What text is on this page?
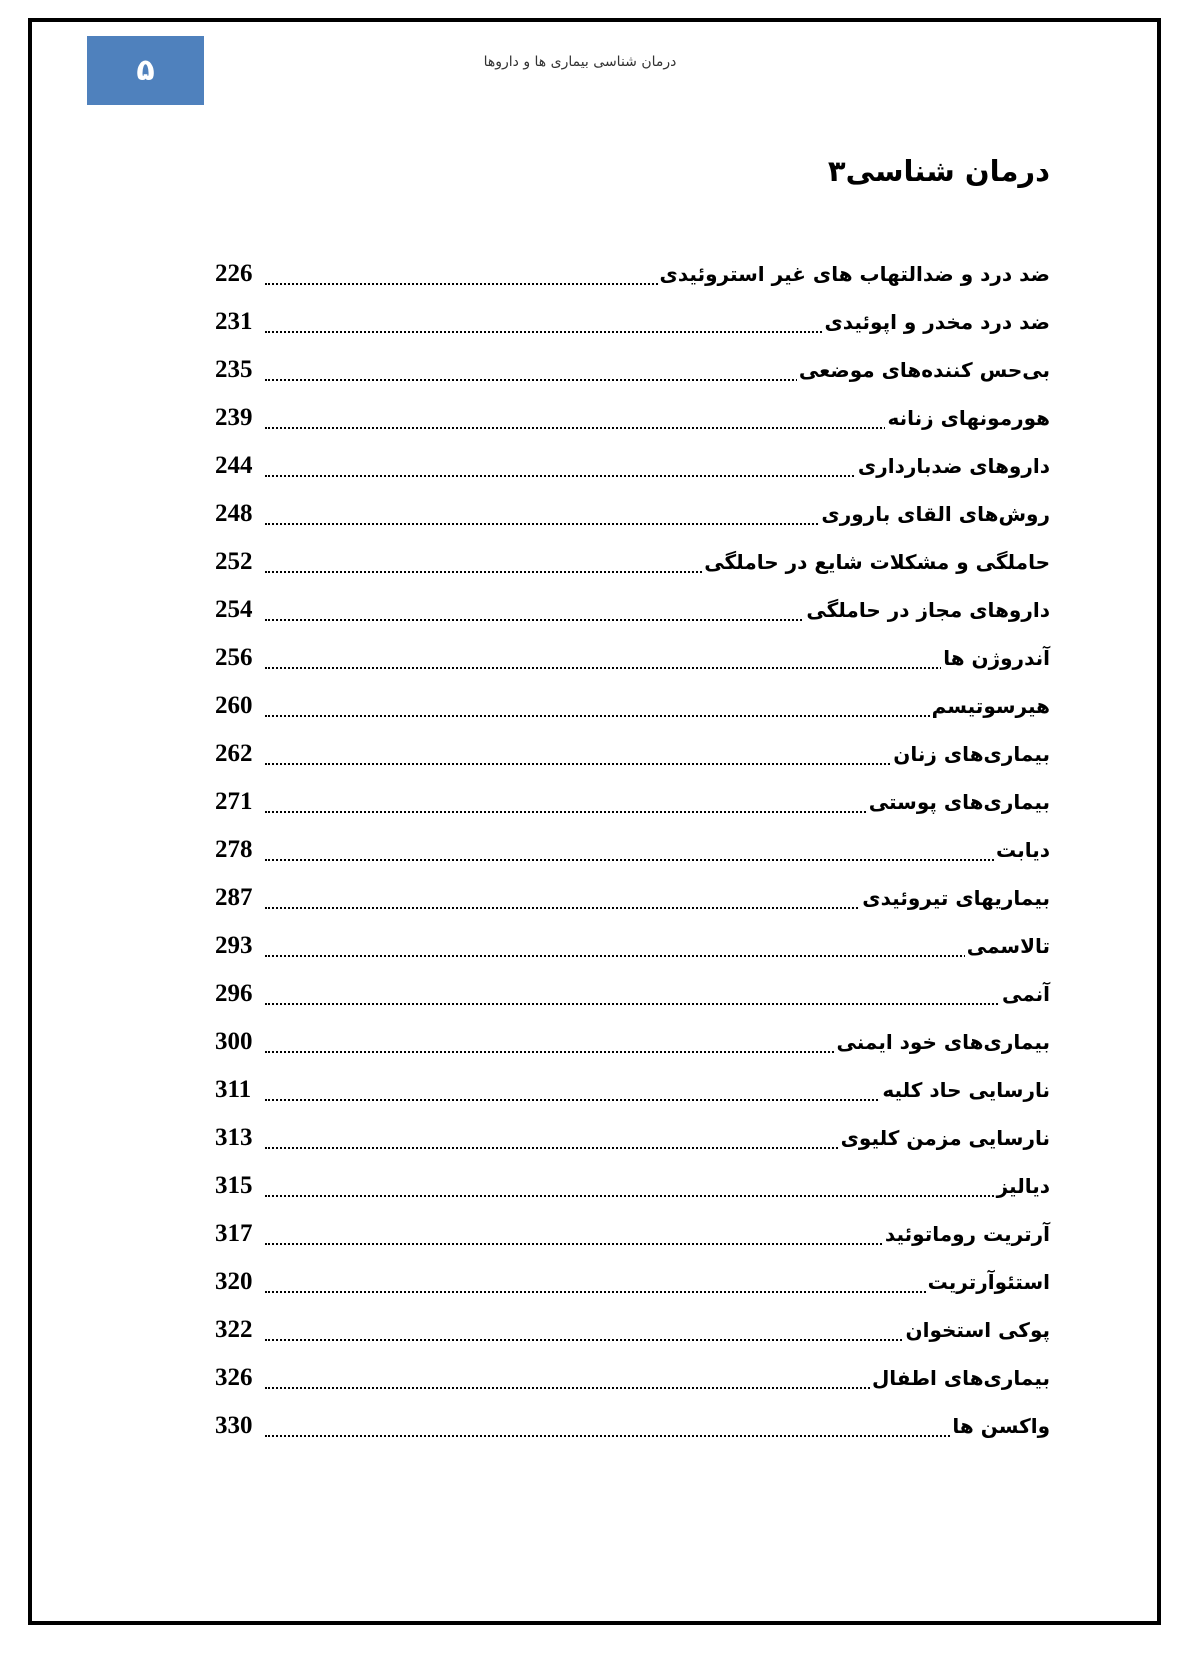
۵	درمان شناسی بیماری ها و داروها
درمان شناسی۳
ضد درد و ضدالتهاب های غیر استروئیدی
226
ضد درد مخدر و اپوئیدی
231
بی‌حس کننده‌های موضعی
235
هورمونهای زنانه
239
داروهای ضدبارداری
244
روش‌های القای باروری
248
حاملگی و مشکلات شایع در حاملگی
252
داروهای مجاز در حاملگی
254
آندروژن ها
256
هیرسوتیسم
260
بیماری‌های زنان
262
بیماری‌های پوستی
271
دیابت
278
بیماریهای تیروئیدی
287
تالاسمی
293
آنمی
296
بیماری‌های خود ایمنی
300
نارسایی حاد کلیه
311
نارسایی مزمن کلیوی
313
دیالیز
315
آرتریت روماتوئید
317
استئوآرتریت
320
پوکی استخوان
322
بیماری‌های اطفال
326
واکسن ها
330
